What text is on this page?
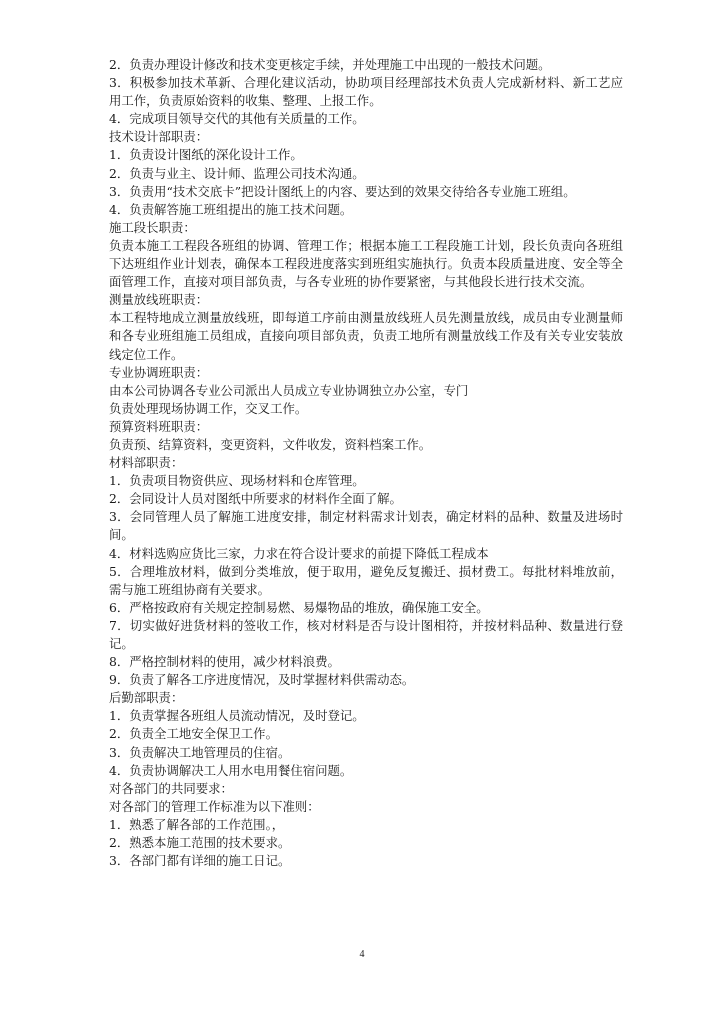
2．负责办理设计修改和技术变更核定手续，并处理施工中出现的一般技术问题。

3．积极参加技术革新、合理化建议活动，协助项目经理部技术负责人完成新材料、新工艺应用工作，负责原始资料的收集、整理、上报工作。

4．完成项目领导交代的其他有关质量的工作。

技术设计部职责：

1．负责设计图纸的深化设计工作。

2．负责与业主、设计师、监理公司技术沟通。

3．负责用“技术交底卡”把设计图纸上的内容、要达到的效果交待给各专业施工班组。

4．负责解答施工班组提出的施工技术问题。

施工段长职责：

负责本施工工程段各班组的协调、管理工作；根据本施工工程段施工计划，段长负责向各班组下达班组作业计划表，确保本工程段进度落实到班组实施执行。负责本段质量进度、安全等全面管理工作，直接对项目部负责，与各专业班的协作要紧密，与其他段长进行技术交流。

测量放线班职责：

本工程特地成立测量放线班，即每道工序前由测量放线班人员先测量放线，成员由专业测量师和各专业班组施工员组成，直接向项目部负责，负责工地所有测量放线工作及有关专业安装放线定位工作。

专业协调班职责：

由本公司协调各专业公司派出人员成立专业协调独立办公室，专门

负责处理现场协调工作，交叉工作。

预算资料班职责：

负责预、结算资料，变更资料，文件收发，资料档案工作。

材料部职责：

1．负责项目物资供应、现场材料和仓库管理。

2．会同设计人员对图纸中所要求的材料作全面了解。

3．会同管理人员了解施工进度安排，制定材料需求计划表，确定材料的品种、数量及进场时间。

4．材料选购应货比三家，力求在符合设计要求的前提下降低工程成本

5．合理堆放材料，做到分类堆放，便于取用，避免反复搬迁、损材费工。每批材料堆放前，需与施工班组协商有关要求。

6．严格按政府有关规定控制易燃、易爆物品的堆放，确保施工安全。

7．切实做好进货材料的签收工作，核对材料是否与设计图相符，并按材料品种、数量进行登记。

8．严格控制材料的使用，减少材料浪费。

9．负责了解各工序进度情况，及时掌握材料供需动态。

后勤部职责：

1．负责掌握各班组人员流动情况，及时登记。

2．负责全工地安全保卫工作。

3．负责解决工地管理员的住宿。

4．负责协调解决工人用水电用餐住宿问题。

对各部门的共同要求：

对各部门的管理工作标准为以下准则：

1．熟悉了解各部的工作范围。，

2．熟悉本施工范围的技术要求。

3．各部门都有详细的施工日记。

4
